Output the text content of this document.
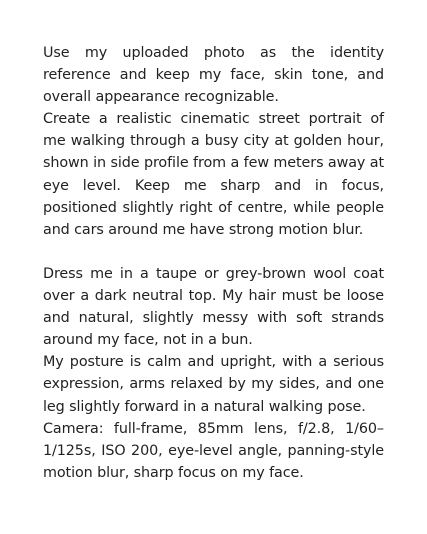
Use my uploaded photo as the identity reference and keep my face, skin tone, and overall appearance recognizable.

Create a realistic cinematic street portrait of me walking through a busy city at golden hour, shown in side profile from a few meters away at eye level. Keep me sharp and in focus, positioned slightly right of centre, while people and cars around me have strong motion blur.

Dress me in a taupe or grey-brown wool coat over a dark neutral top. My hair must be loose and natural, slightly messy with soft strands around my face, not in a bun.

My posture is calm and upright, with a serious expression, arms relaxed by my sides, and one leg slightly forward in a natural walking pose.

Camera: full-frame, 85mm lens, f/2.8, 1/60–1/125s, ISO 200, eye-level angle, panning-style motion blur, sharp focus on my face.
